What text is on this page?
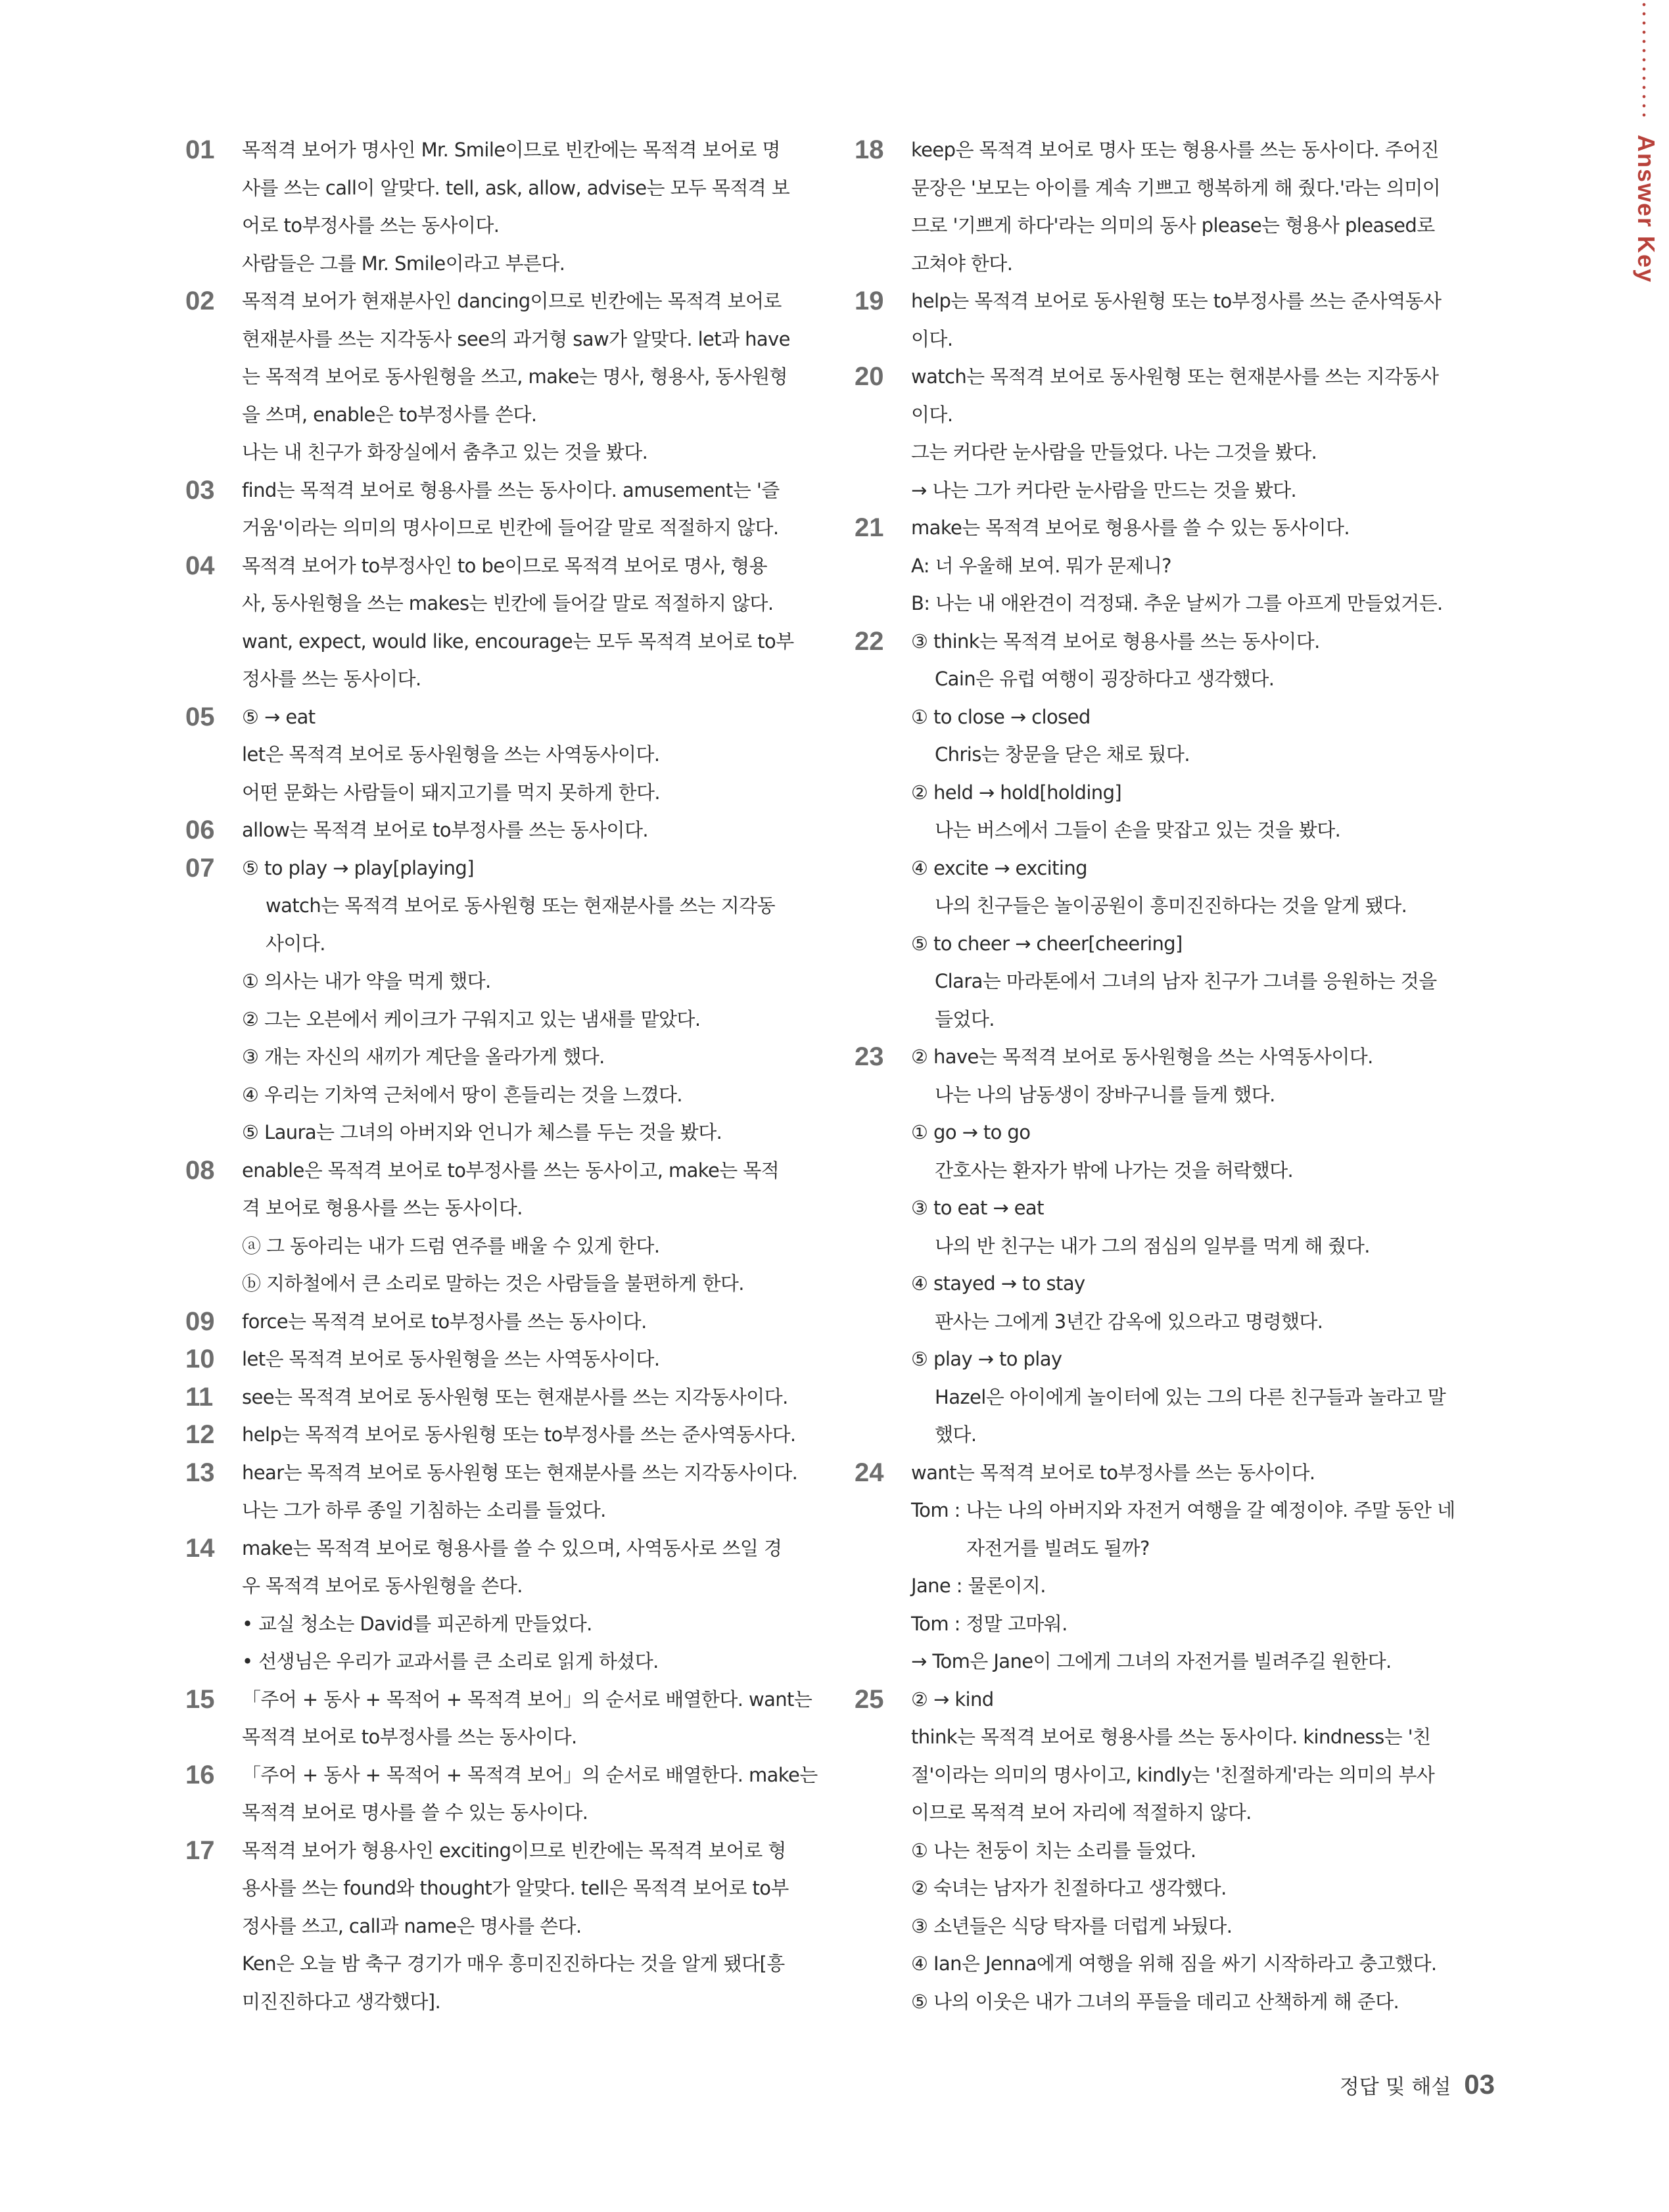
Answer Key
01 목적격 보어가 명사인 Mr. Smile이므로 빈칸에는 목적격 보어로 명
사를 쓰는 call이 알맞다. tell, ask, allow, advise는 모두 목적격 보
어로 to부정사를 쓰는 동사이다.
사람들은 그를 Mr. Smile이라고 부른다.
02 목적격 보어가 현재분사인 dancing이므로 빈칸에는 목적격 보어로
현재분사를 쓰는 지각동사 see의 과거형 saw가 알맞다. let과 have
는 목적격 보어로 동사원형을 쓰고, make는 명사, 형용사, 동사원형
을 쓰며, enable은 to부정사를 쓴다.
나는 내 친구가 화장실에서 춤추고 있는 것을 봤다.
03 find는 목적격 보어로 형용사를 쓰는 동사이다. amusement는 '즐
거움'이라는 의미의 명사이므로 빈칸에 들어갈 말로 적절하지 않다.
04 목적격 보어가 to부정사인 to be이므로 목적격 보어로 명사, 형용
사, 동사원형을 쓰는 makes는 빈칸에 들어갈 말로 적절하지 않다.
want, expect, would like, encourage는 모두 목적격 보어로 to부
정사를 쓰는 동사이다.
05 ⑤ → eat
let은 목적격 보어로 동사원형을 쓰는 사역동사이다.
어떤 문화는 사람들이 돼지고기를 먹지 못하게 한다.
06 allow는 목적격 보어로 to부정사를 쓰는 동사이다.
07 ⑤ to play → play[playing]
watch는 목적격 보어로 동사원형 또는 현재분사를 쓰는 지각동
사이다.
① 의사는 내가 약을 먹게 했다.
② 그는 오븐에서 케이크가 구워지고 있는 냄새를 맡았다.
③ 개는 자신의 새끼가 계단을 올라가게 했다.
④ 우리는 기차역 근처에서 땅이 흔들리는 것을 느꼈다.
⑤ Laura는 그녀의 아버지와 언니가 체스를 두는 것을 봤다.
08 enable은 목적격 보어로 to부정사를 쓰는 동사이고, make는 목적
격 보어로 형용사를 쓰는 동사이다.
ⓐ 그 동아리는 내가 드럼 연주를 배울 수 있게 한다.
ⓑ 지하철에서 큰 소리로 말하는 것은 사람들을 불편하게 한다.
09 force는 목적격 보어로 to부정사를 쓰는 동사이다.
10 let은 목적격 보어로 동사원형을 쓰는 사역동사이다.
11 see는 목적격 보어로 동사원형 또는 현재분사를 쓰는 지각동사이다.
12 help는 목적격 보어로 동사원형 또는 to부정사를 쓰는 준사역동사다.
13 hear는 목적격 보어로 동사원형 또는 현재분사를 쓰는 지각동사이다.
나는 그가 하루 종일 기침하는 소리를 들었다.
14 make는 목적격 보어로 형용사를 쓸 수 있으며, 사역동사로 쓰일 경
우 목적격 보어로 동사원형을 쓴다.
• 교실 청소는 David를 피곤하게 만들었다.
• 선생님은 우리가 교과서를 큰 소리로 읽게 하셨다.
15 「주어 + 동사 + 목적어 + 목적격 보어」의 순서로 배열한다. want는
목적격 보어로 to부정사를 쓰는 동사이다.
16 「주어 + 동사 + 목적어 + 목적격 보어」의 순서로 배열한다. make는
목적격 보어로 명사를 쓸 수 있는 동사이다.
17 목적격 보어가 형용사인 exciting이므로 빈칸에는 목적격 보어로 형
용사를 쓰는 found와 thought가 알맞다. tell은 목적격 보어로 to부
정사를 쓰고, call과 name은 명사를 쓴다.
Ken은 오늘 밤 축구 경기가 매우 흥미진진하다는 것을 알게 됐다[흥
미진진하다고 생각했다].
18 keep은 목적격 보어로 명사 또는 형용사를 쓰는 동사이다. 주어진
문장은 '보모는 아이를 계속 기쁘고 행복하게 해 줬다.'라는 의미이
므로 '기쁘게 하다'라는 의미의 동사 please는 형용사 pleased로
고쳐야 한다.
19 help는 목적격 보어로 동사원형 또는 to부정사를 쓰는 준사역동사
이다.
20 watch는 목적격 보어로 동사원형 또는 현재분사를 쓰는 지각동사
이다.
그는 커다란 눈사람을 만들었다. 나는 그것을 봤다.
→ 나는 그가 커다란 눈사람을 만드는 것을 봤다.
21 make는 목적격 보어로 형용사를 쓸 수 있는 동사이다.
A: 너 우울해 보여. 뭐가 문제니?
B: 나는 내 애완견이 걱정돼. 추운 날씨가 그를 아프게 만들었거든.
22 ③ think는 목적격 보어로 형용사를 쓰는 동사이다.
Cain은 유럽 여행이 굉장하다고 생각했다.
① to close → closed
Chris는 창문을 닫은 채로 뒀다.
② held → hold[holding]
나는 버스에서 그들이 손을 맞잡고 있는 것을 봤다.
④ excite → exciting
나의 친구들은 놀이공원이 흥미진진하다는 것을 알게 됐다.
⑤ to cheer → cheer[cheering]
Clara는 마라톤에서 그녀의 남자 친구가 그녀를 응원하는 것을
들었다.
23 ② have는 목적격 보어로 동사원형을 쓰는 사역동사이다.
나는 나의 남동생이 장바구니를 들게 했다.
① go → to go
간호사는 환자가 밖에 나가는 것을 허락했다.
③ to eat → eat
나의 반 친구는 내가 그의 점심의 일부를 먹게 해 줬다.
④ stayed → to stay
판사는 그에게 3년간 감옥에 있으라고 명령했다.
⑤ play → to play
Hazel은 아이에게 놀이터에 있는 그의 다른 친구들과 놀라고 말
했다.
24 want는 목적격 보어로 to부정사를 쓰는 동사이다.
Tom : 나는 나의 아버지와 자전거 여행을 갈 예정이야. 주말 동안 네
자전거를 빌려도 될까?
Jane : 물론이지.
Tom : 정말 고마워.
→ Tom은 Jane이 그에게 그녀의 자전거를 빌려주길 원한다.
25 ② → kind
think는 목적격 보어로 형용사를 쓰는 동사이다. kindness는 '친
절'이라는 의미의 명사이고, kindly는 '친절하게'라는 의미의 부사
이므로 목적격 보어 자리에 적절하지 않다.
① 나는 천둥이 치는 소리를 들었다.
② 숙녀는 남자가 친절하다고 생각했다.
③ 소년들은 식당 탁자를 더럽게 놔뒀다.
④ Ian은 Jenna에게 여행을 위해 짐을 싸기 시작하라고 충고했다.
⑤ 나의 이웃은 내가 그녀의 푸들을 데리고 산책하게 해 준다.
정답 및 해설 03
